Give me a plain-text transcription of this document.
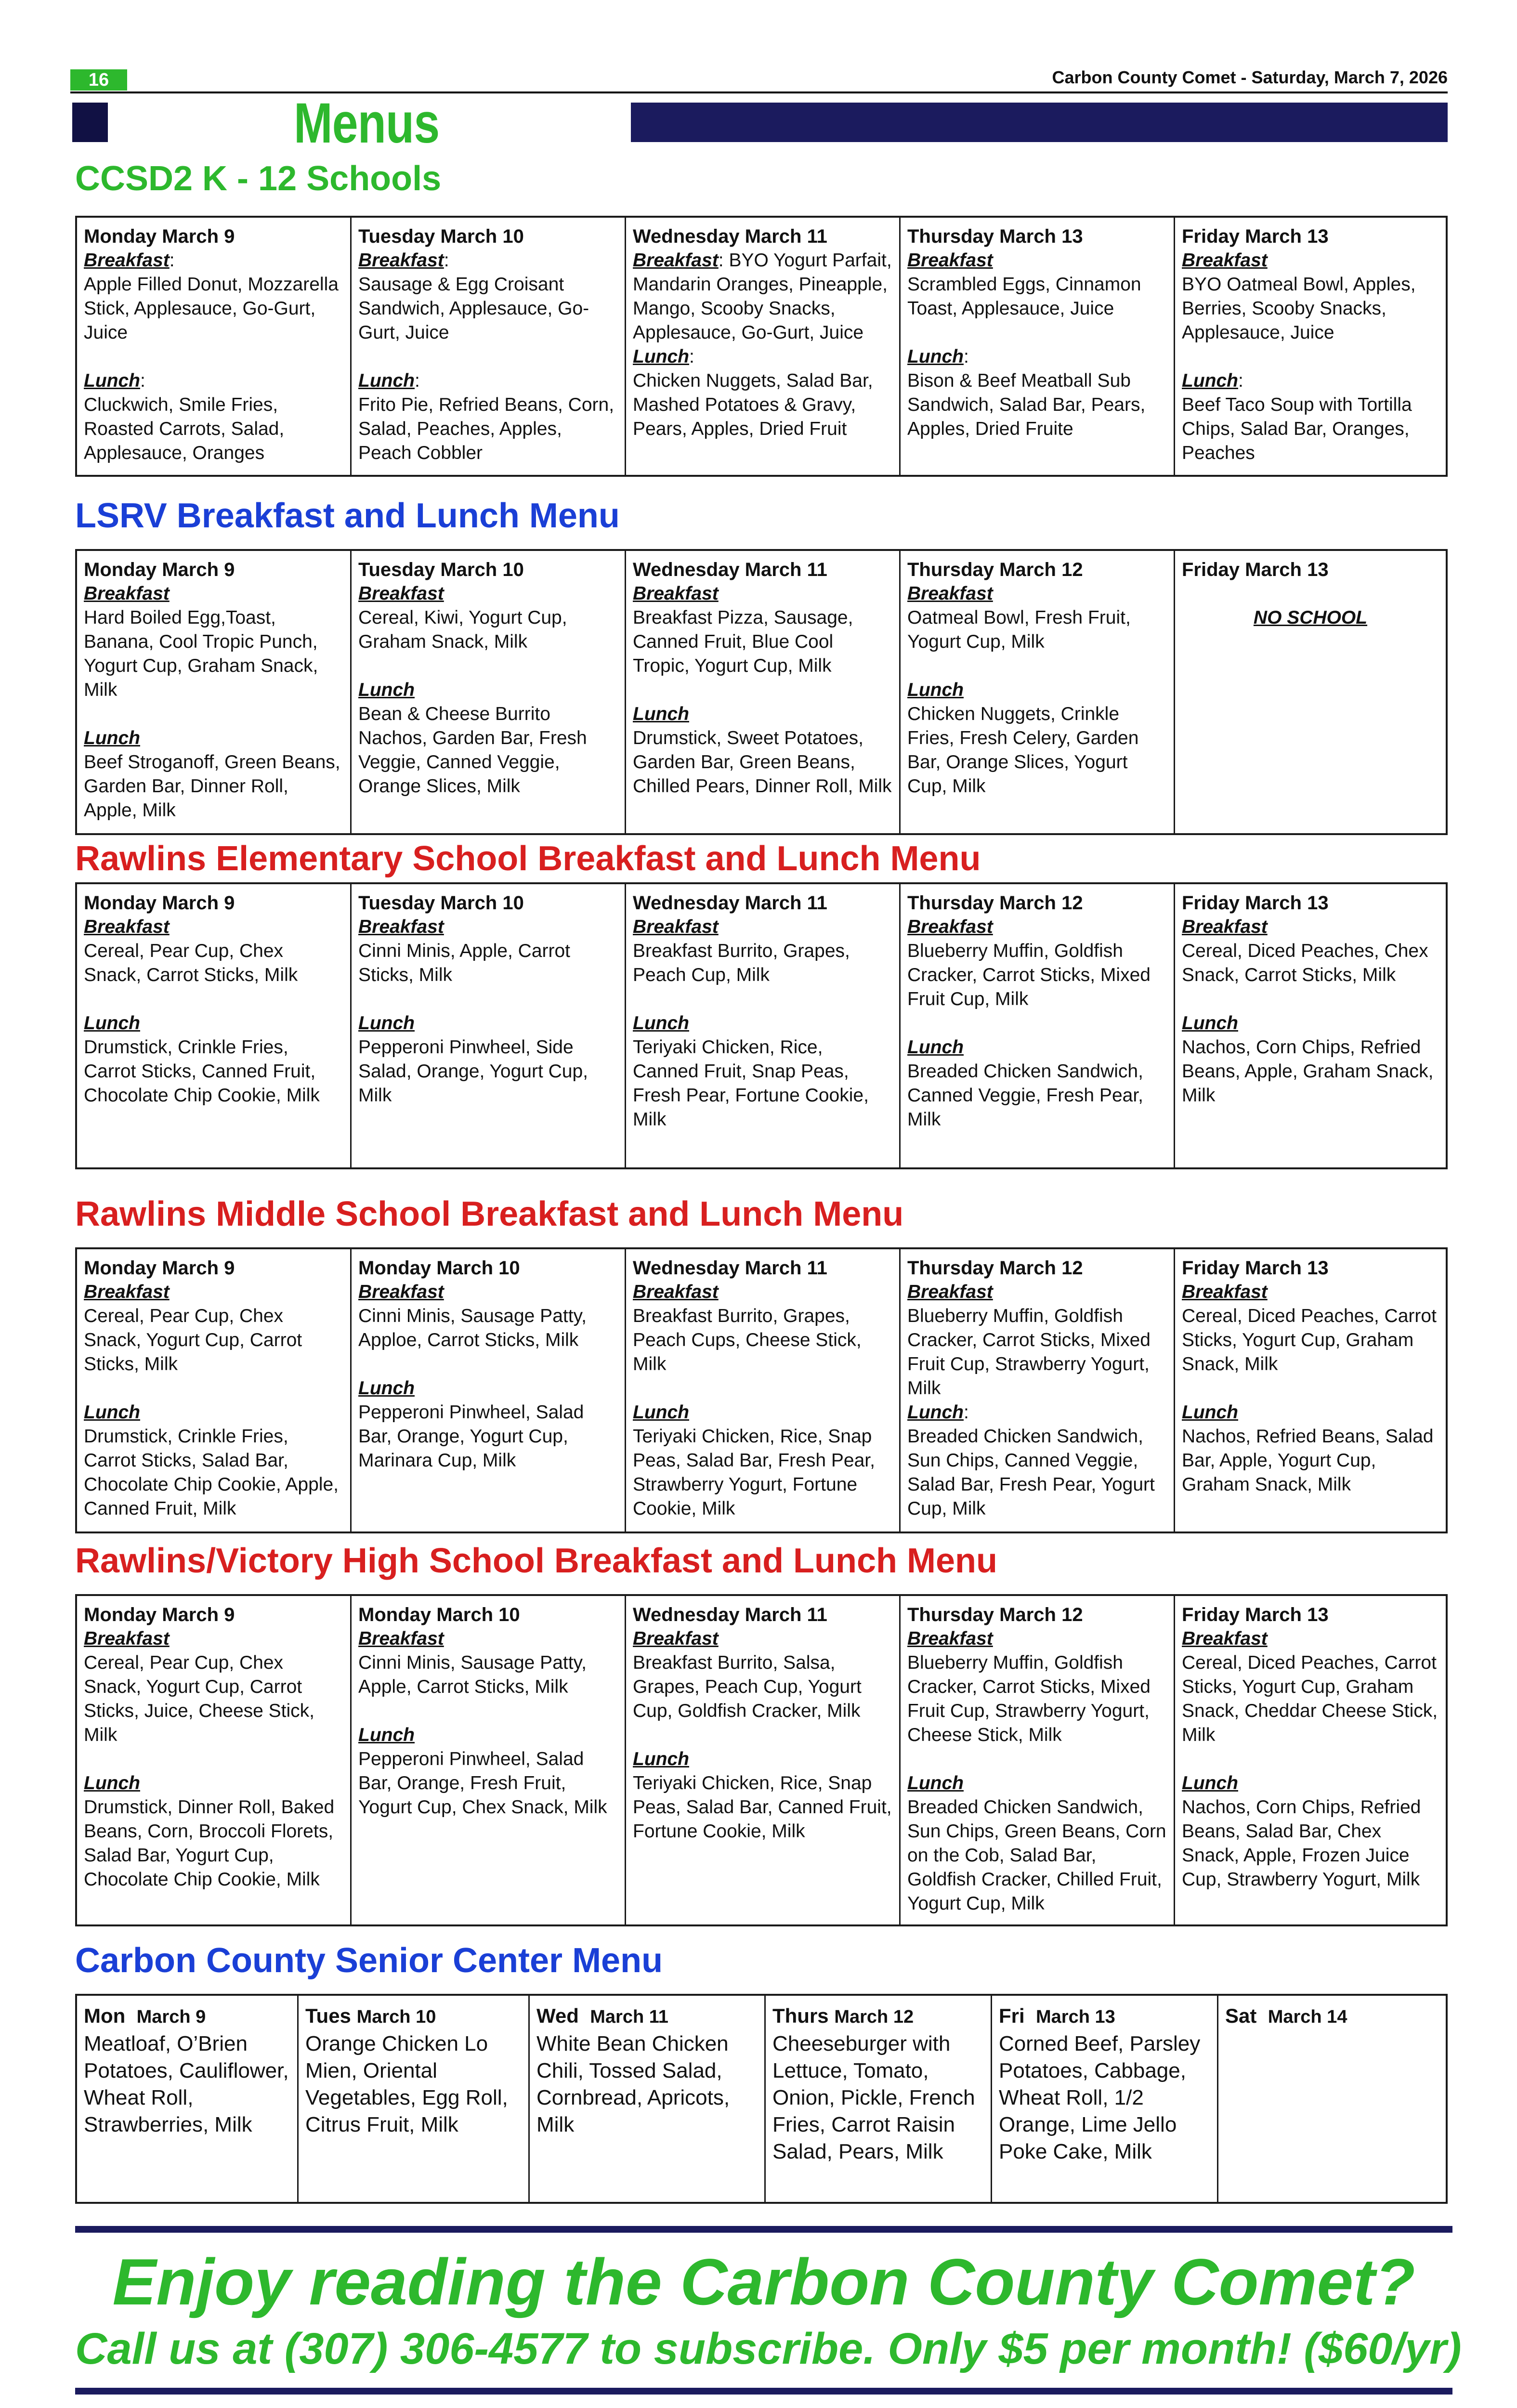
16	Carbon County Comet - Saturday, March 7, 2026
Menus
CCSD2 K - 12 Schools
Monday March 9
Breakfast:
Apple Filled Donut, Mozzarella Stick, Applesauce, Go-Gurt, Juice
Lunch:
Cluckwich, Smile Fries, Roasted Carrots, Salad, Applesauce, Oranges
Tuesday March 10
Breakfast:
Sausage & Egg Croisant Sandwich, Applesauce, Go-Gurt, Juice
Lunch:
Frito Pie, Refried Beans, Corn, Salad, Peaches, Apples, Peach Cobbler
Wednesday March 11
Breakfast: BYO Yogurt Parfait, Mandarin Oranges, Pineapple, Mango, Scooby Snacks, Applesauce, Go-Gurt, Juice
Lunch:
Chicken Nuggets, Salad Bar, Mashed Potatoes & Gravy, Pears, Apples, Dried Fruit
Thursday March 13
Breakfast
Scrambled Eggs, Cinnamon Toast, Applesauce, Juice
Lunch:
Bison & Beef Meatball Sub Sandwich, Salad Bar, Pears, Apples, Dried Fruite
Friday March 13
Breakfast
BYO Oatmeal Bowl, Apples, Berries, Scooby Snacks, Applesauce, Juice
Lunch:
Beef Taco Soup with Tortilla Chips, Salad Bar, Oranges, Peaches
LSRV Breakfast and Lunch Menu
Monday March 9
Breakfast
Hard Boiled Egg,Toast, Banana, Cool Tropic Punch, Yogurt Cup, Graham Snack, Milk
Lunch
Beef Stroganoff, Green Beans, Garden Bar, Dinner Roll, Apple, Milk
Tuesday March 10
Breakfast
Cereal, Kiwi, Yogurt Cup, Graham Snack, Milk
Lunch
Bean & Cheese Burrito Nachos, Garden Bar, Fresh Veggie, Canned Veggie, Orange Slices, Milk
Wednesday March 11
Breakfast
Breakfast Pizza, Sausage, Canned Fruit, Blue Cool Tropic, Yogurt Cup, Milk
Lunch
Drumstick, Sweet Potatoes, Garden Bar, Green Beans, Chilled Pears, Dinner Roll, Milk
Thursday March 12
Breakfast
Oatmeal Bowl, Fresh Fruit, Yogurt Cup, Milk
Lunch
Chicken Nuggets, Crinkle Fries, Fresh Celery, Garden Bar, Orange Slices, Yogurt Cup, Milk
Friday March 13
NO SCHOOL
Rawlins Elementary School Breakfast and Lunch Menu
Monday March 9
Breakfast
Cereal, Pear Cup, Chex Snack, Carrot Sticks, Milk
Lunch
Drumstick, Crinkle Fries, Carrot Sticks, Canned Fruit, Chocolate Chip Cookie, Milk
Tuesday March 10
Breakfast
Cinni Minis, Apple, Carrot Sticks, Milk
Lunch
Pepperoni Pinwheel, Side Salad, Orange, Yogurt Cup, Milk
Wednesday March 11
Breakfast
Breakfast Burrito, Grapes, Peach Cup, Milk
Lunch
Teriyaki Chicken, Rice, Canned Fruit, Snap Peas, Fresh Pear, Fortune Cookie, Milk
Thursday March 12
Breakfast
Blueberry Muffin, Goldfish Cracker, Carrot Sticks, Mixed Fruit Cup, Milk
Lunch
Breaded Chicken Sandwich, Canned Veggie, Fresh Pear, Milk
Friday March 13
Breakfast
Cereal, Diced Peaches, Chex Snack, Carrot Sticks, Milk
Lunch
Nachos, Corn Chips, Refried Beans, Apple, Graham Snack, Milk
Rawlins Middle School Breakfast and Lunch Menu
Monday March 9
Breakfast
Cereal, Pear Cup, Chex Snack, Yogurt Cup, Carrot Sticks, Milk
Lunch
Drumstick, Crinkle Fries, Carrot Sticks, Salad Bar, Chocolate Chip Cookie, Apple, Canned Fruit, Milk
Monday March 10
Breakfast
Cinni Minis, Sausage Patty, Apploe, Carrot Sticks, Milk
Lunch
Pepperoni Pinwheel, Salad Bar, Orange, Yogurt Cup, Marinara Cup, Milk
Wednesday March 11
Breakfast
Breakfast Burrito, Grapes, Peach Cups, Cheese Stick, Milk
Lunch
Teriyaki Chicken, Rice, Snap Peas, Salad Bar, Fresh Pear, Strawberry Yogurt, Fortune Cookie, Milk
Thursday March 12
Breakfast
Blueberry Muffin, Goldfish Cracker, Carrot Sticks, Mixed Fruit Cup, Strawberry Yogurt, Milk
Lunch:
Breaded Chicken Sandwich, Sun Chips, Canned Veggie, Salad Bar, Fresh Pear, Yogurt Cup, Milk
Friday March 13
Breakfast
Cereal, Diced Peaches, Carrot Sticks, Yogurt Cup, Graham Snack, Milk
Lunch
Nachos, Refried Beans, Salad Bar, Apple, Yogurt Cup, Graham Snack, Milk
Rawlins/Victory High School Breakfast and Lunch Menu
Monday March 9
Breakfast
Cereal, Pear Cup, Chex Snack, Yogurt Cup, Carrot Sticks, Juice, Cheese Stick, Milk
Lunch
Drumstick, Dinner Roll, Baked Beans, Corn, Broccoli Florets, Salad Bar, Yogurt Cup, Chocolate Chip Cookie, Milk
Monday March 10
Breakfast
Cinni Minis, Sausage Patty, Apple, Carrot Sticks, Milk
Lunch
Pepperoni Pinwheel, Salad Bar, Orange, Fresh Fruit, Yogurt Cup, Chex Snack, Milk
Wednesday March 11
Breakfast
Breakfast Burrito, Salsa, Grapes, Peach Cup, Yogurt Cup, Goldfish Cracker, Milk
Lunch
Teriyaki Chicken, Rice, Snap Peas, Salad Bar, Canned Fruit, Fortune Cookie, Milk
Thursday March 12
Breakfast
Blueberry Muffin, Goldfish Cracker, Carrot Sticks, Mixed Fruit Cup, Strawberry Yogurt, Cheese Stick, Milk
Lunch
Breaded Chicken Sandwich, Sun Chips, Green Beans, Corn on the Cob, Salad Bar, Goldfish Cracker, Chilled Fruit, Yogurt Cup, Milk
Friday March 13
Breakfast
Cereal, Diced Peaches, Carrot Sticks, Yogurt Cup, Graham Snack, Cheddar Cheese Stick, Milk
Lunch
Nachos, Corn Chips, Refried Beans, Salad Bar, Chex Snack, Apple, Frozen Juice Cup, Strawberry Yogurt, Milk
Carbon County Senior Center Menu
Mon March 9
Meatloaf, O’Brien Potatoes, Cauliflower, Wheat Roll, Strawberries, Milk
Tues March 10
Orange Chicken Lo Mien, Oriental Vegetables, Egg Roll, Citrus Fruit, Milk
Wed March 11
White Bean Chicken Chili, Tossed Salad, Cornbread, Apricots, Milk
Thurs March 12
Cheeseburger with Lettuce, Tomato, Onion, Pickle, French Fries, Carrot Raisin Salad, Pears, Milk
Fri March 13
Corned Beef, Parsley Potatoes, Cabbage, Wheat Roll, 1/2 Orange, Lime Jello Poke Cake, Milk
Sat March 14
Enjoy reading the Carbon County Comet?
Call us at (307) 306-4577 to subscribe. Only $5 per month! ($60/yr)
